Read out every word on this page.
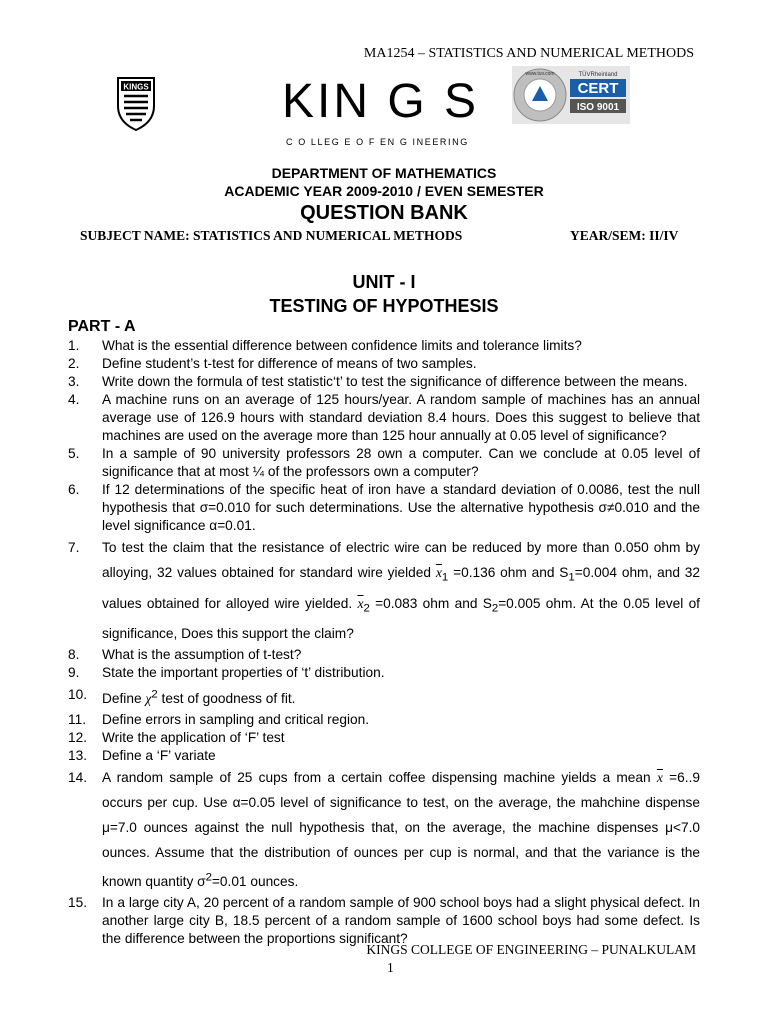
MA1254 – STATISTICS AND NUMERICAL METHODS
KINGS	KIN G S
C O LLEG E O F EN G INEERING
www.tuv.com	TÜVRheinland
CERT
ISO 9001
DEPARTMENT OF MATHEMATICS
ACADEMIC YEAR 2009-2010 / EVEN SEMESTER
QUESTION BANK
SUBJECT NAME: STATISTICS AND NUMERICAL METHODS	YEAR/SEM: II/IV
UNIT - I
TESTING OF HYPOTHESIS
PART - A
1. What is the essential difference between confidence limits and tolerance limits?
2. Define student’s t-test for difference of means of two samples.
3. Write down the formula of test statistic‘t’ to test the significance of difference between the means.
4. A machine runs on an average of 125 hours/year. A random sample of machines has an annual average use of 126.9 hours with standard deviation 8.4 hours. Does this suggest to believe that machines are used on the average more than 125 hour annually at 0.05 level of significance?
5. In a sample of 90 university professors 28 own a computer. Can we conclude at 0.05 level of significance that at most ¼ of the professors own a computer?
6. If 12 determinations of the specific heat of iron have a standard deviation of 0.0086, test the null hypothesis that σ=0.010 for such determinations. Use the alternative hypothesis σ≠0.010 and the level significance α=0.01.
7. To test the claim that the resistance of electric wire can be reduced by more than 0.050 ohm by alloying, 32 values obtained for standard wire yielded $\overline{x}_1 =0.136$ ohm and $S_1=0.004$ ohm, and 32 values obtained for alloyed wire yielded. $\overline{x}_2 =0.083$ ohm and $S_2=0.005$ ohm. At the 0.05 level of significance, Does this support the claim?
8. What is the assumption of t-test?
9. State the important properties of ‘t’ distribution.
10. Define $\chi^2$ test of goodness of fit.
11. Define errors in sampling and critical region.
12. Write the application of ‘F’ test
13. Define a ‘F’ variate
14. A random sample of 25 cups from a certain coffee dispensing machine yields a mean $\overline{x} =6..9$ occurs per cup. Use α=0.05 level of significance to test, on the average, the mahchine dispense μ=7.0 ounces against the null hypothesis that, on the average, the machine dispenses μ<7.0 ounces. Assume that the distribution of ounces per cup is normal, and that the variance is the known quantity $\sigma^2=0.01$ ounces.
15. In a large city A, 20 percent of a random sample of 900 school boys had a slight physical defect. In another large city B, 18.5 percent of a random sample of 1600 school boys had some defect. Is the difference between the proportions significant?
KINGS COLLEGE OF ENGINEERING – PUNALKULAM
1
